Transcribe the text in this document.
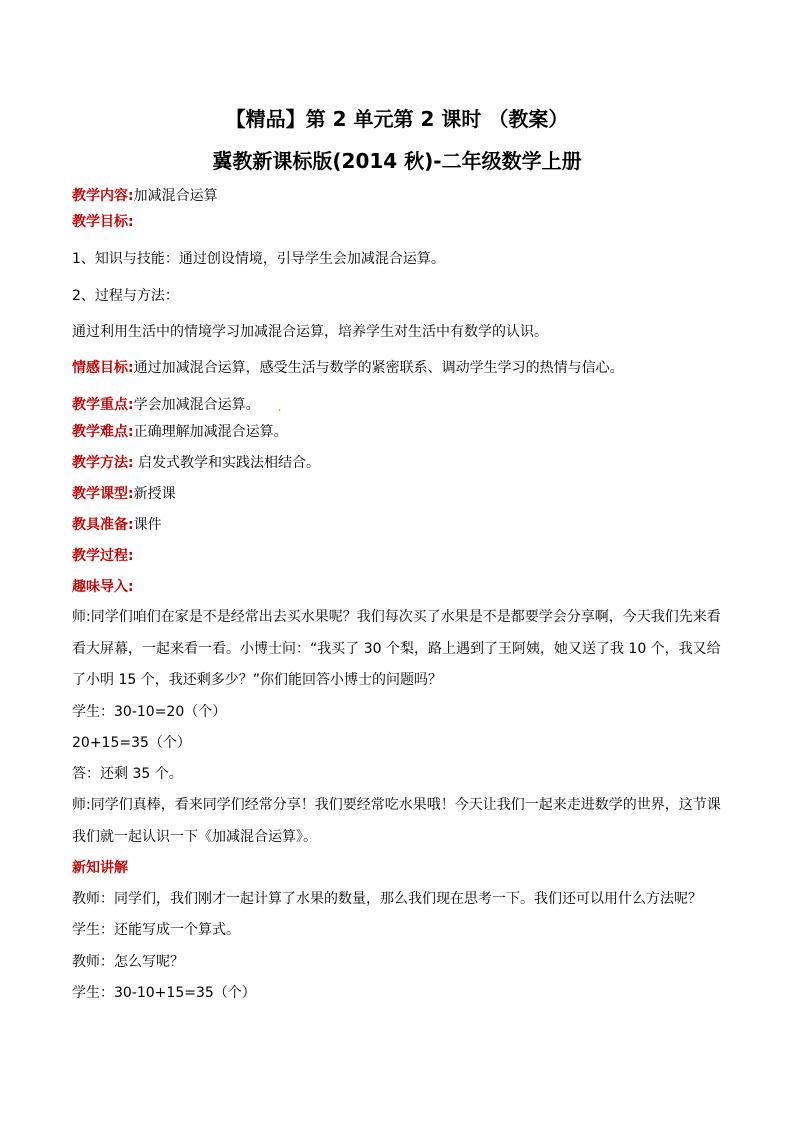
【精品】第 2 单元第 2 课时 （教案）
冀教新课标版(2014 秋)-二年级数学上册
教学内容:加减混合运算
教学目标:
1、知识与技能：通过创设情境，引导学生会加减混合运算。
2、过程与方法：
通过利用生活中的情境学习加减混合运算，培养学生对生活中有数学的认识。
情感目标:通过加减混合运算，感受生活与数学的紧密联系、调动学生学习的热情与信心。
教学重点:学会加减混合运算。 .
教学难点:正确理解加减混合运算。
教学方法: 启发式教学和实践法相结合。
教学课型:新授课
教具准备:课件
教学过程:
趣味导入:
师:同学们咱们在家是不是经常出去买水果呢？我们每次买了水果是不是都要学会分享啊，今天我们先来看
看大屏幕，一起来看一看。小博士问：“我买了 30 个梨，路上遇到了王阿姨，她又送了我 10 个，我又给
了小明 15 个，我还剩多少？”你们能回答小博士的问题吗？
学生：30-10=20（个）
20+15=35（个）
答：还剩 35 个。
师:同学们真棒，看来同学们经常分享！我们要经常吃水果哦！今天让我们一起来走进数学的世界，这节课
我们就一起认识一下《加减混合运算》。
新知讲解
教师：同学们，我们刚才一起计算了水果的数量，那么我们现在思考一下。我们还可以用什么方法呢？
学生：还能写成一个算式。
教师：怎么写呢？
学生：30-10+15=35（个）
